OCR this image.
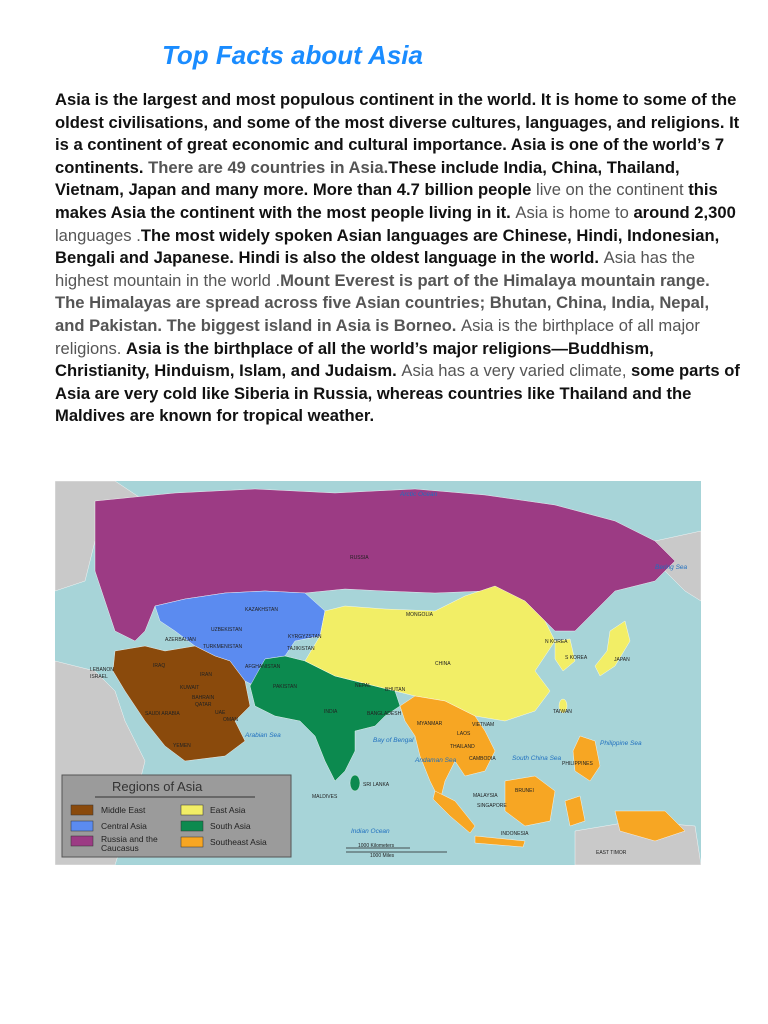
Top Facts about Asia

Asia is the largest and most populous continent in the world. It is home to some of the oldest civilisations, and some of the most diverse cultures, languages, and religions. It is a continent of great economic and cultural importance. Asia is one of the world’s 7 continents. There are 49 countries in Asia.These include India, China, Thailand, Vietnam, Japan and many more. More than 4.7 billion people live on the continent this makes Asia the continent with the most people living in it. Asia is home to around 2,300 languages .The most widely spoken Asian languages are Chinese, Hindi, Indonesian, Bengali and Japanese. Hindi is also the oldest language in the world. Asia has the highest mountain in the world .Mount Everest is part of the Himalaya mountain range. The Himalayas are spread across five Asian countries; Bhutan, China, India, Nepal, and Pakistan. The biggest island in Asia is Borneo. Asia is the birthplace of all major religions. Asia is the birthplace of all the world’s major religions—Buddhism, Christianity, Hinduism, Islam, and Judaism. Asia has a very varied climate, some parts of Asia are very cold like Siberia in Russia, whereas countries like Thailand and the Maldives are known for tropical weather.

Arctic Ocean
Bering Sea
Arabian Sea
Bay of Bengal
Andaman Sea	South China Sea
Philippine Sea
Indian Ocean
RUSSIA
KAZAKHSTAN
MONGOLIA
UZBEKISTAN
KYRGYZSTAN
TURKMENISTAN	TAJIKISTAN
AZERBAIJAN
AFGHANISTAN
PAKISTAN
IRAN
IRAQ
LEBANON
ISRAEL
KUWAIT
BAHRAIN
QATAR
UAE
OMAN
YEMEN
SAUDI ARABIA
CHINA
N KOREA
S KOREA	JAPAN
TAIWAN
NEPAL
BHUTAN
INDIA	BANGLADESH
SRI LANKA
MALDIVES
MYANMAR
LAOS
VIETNAM
THAILAND
CAMBODIA
PHILIPPINES
BRUNEI
MALAYSIA
SINGAPORE
INDONESIA
EAST TIMOR
1000 Kilometers
1000 Miles
Regions of Asia
Middle East	East Asia
Central Asia	South Asia
Russia and the
Caucasus
Southeast Asia
